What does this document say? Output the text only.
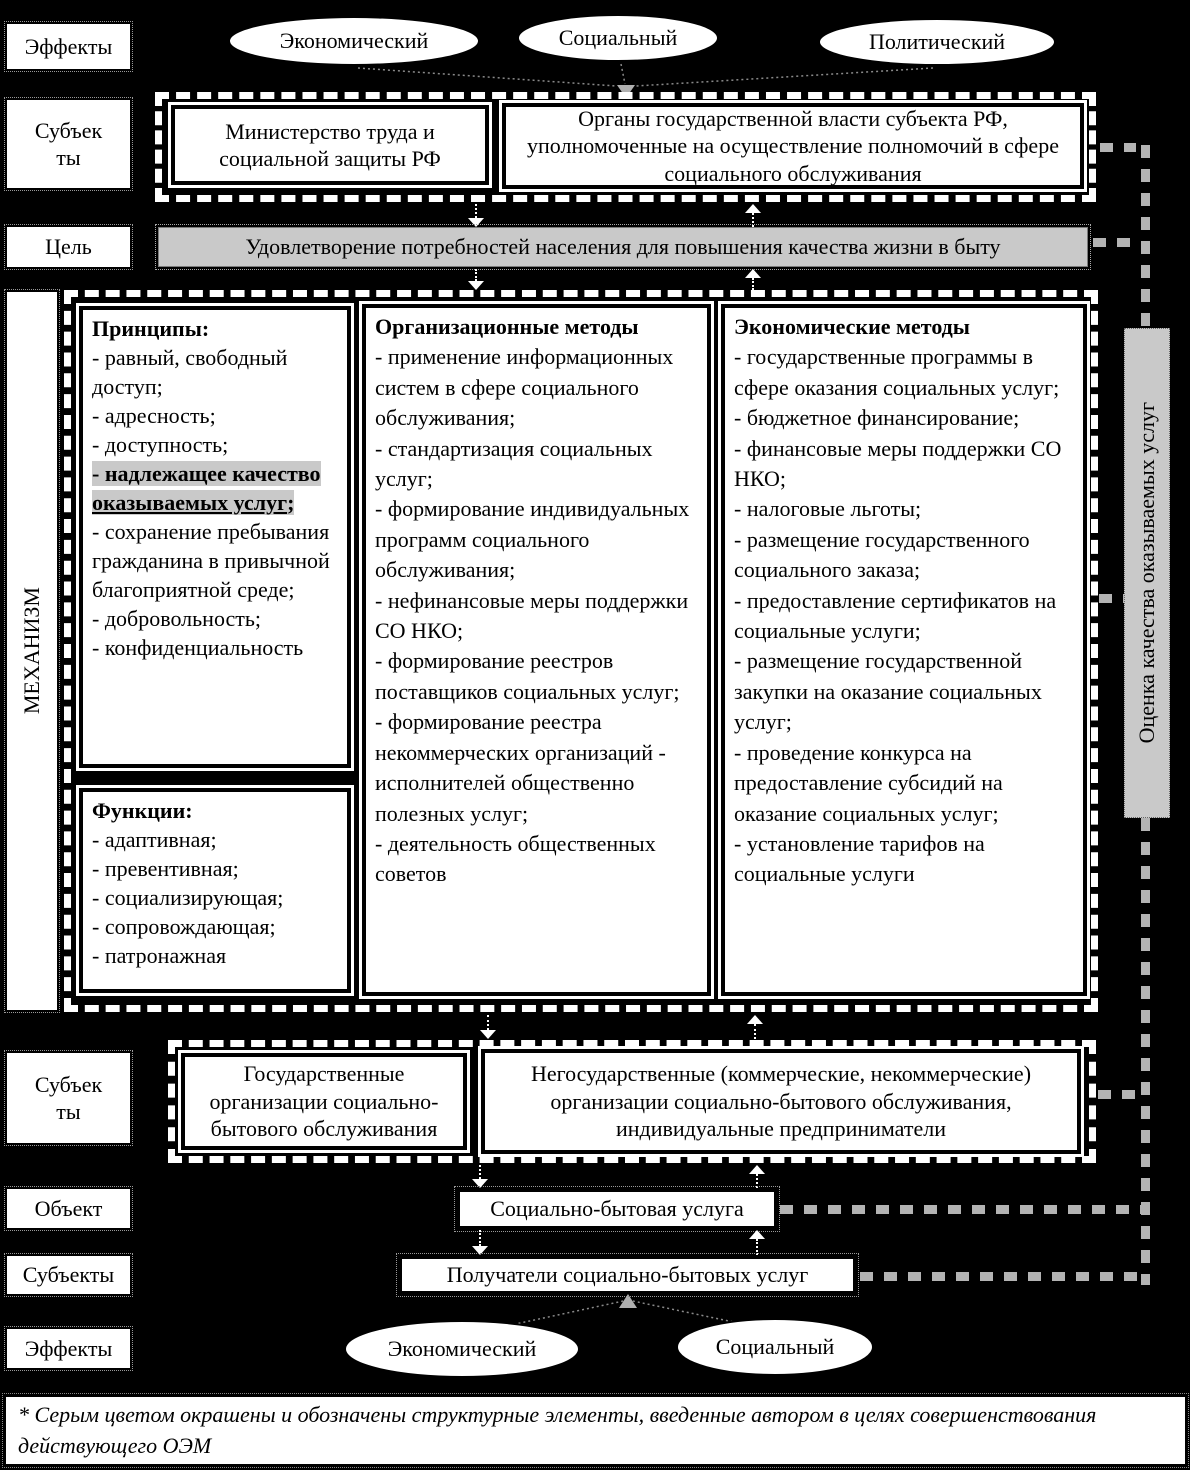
Эффекты
Субъек
ты
Цель
МЕХАНИЗМ
Субъек
ты
Объект
Субъекты
Эффекты
Экономический	Социальный	Политический
Министерство труда и социальной защиты РФ
Органы государственной власти субъекта РФ, уполномоченные на осуществление полномочий в сфере социального обслуживания
Удовлетворение потребностей населения для повышения качества жизни в быту
Принципы:
- равный, свободный доступ;
- адресность;
- доступность;
- надлежащее качество оказываемых услуг;
- сохранение пребывания гражданина в привычной благоприятной среде;
- добровольность;
- конфиденциальность
Функции:
- адаптивная;
- превентивная;
- социализирующая;
- сопровождающая;
- патронажная
Организационные методы
- применение информационных систем в сфере социального обслуживания;
- стандартизация социальных услуг;
- формирование индивидуальных программ социального обслуживания;
- нефинансовые меры поддержки СО НКО;
- формирование реестров поставщиков социальных услуг;
- формирование реестра некоммерческих организаций - исполнителей общественно полезных услуг;
- деятельность общественных советов
Экономические методы
- государственные программы в сфере оказания социальных услуг;
- бюджетное финансирование;
- финансовые меры поддержки СО НКО;
- налоговые льготы;
- размещение государственного социального заказа;
- предоставление сертификатов на социальные услуги;
- размещение государственной закупки на оказание социальных услуг;
- проведение конкурса на предоставление субсидий на оказание социальных услуг;
- установление тарифов на социальные услуги
Оценка качества оказываемых услуг
Государственные организации социально-бытового обслуживания
Негосударственные (коммерческие, некоммерческие) организации социально-бытового обслуживания, индивидуальные предприниматели
Социально-бытовая услуга
Получатели социально-бытовых услуг
Экономический	Социальный
* Серым цветом окрашены и обозначены структурные элементы, введенные автором в целях совершенствования действующего ОЭМ
